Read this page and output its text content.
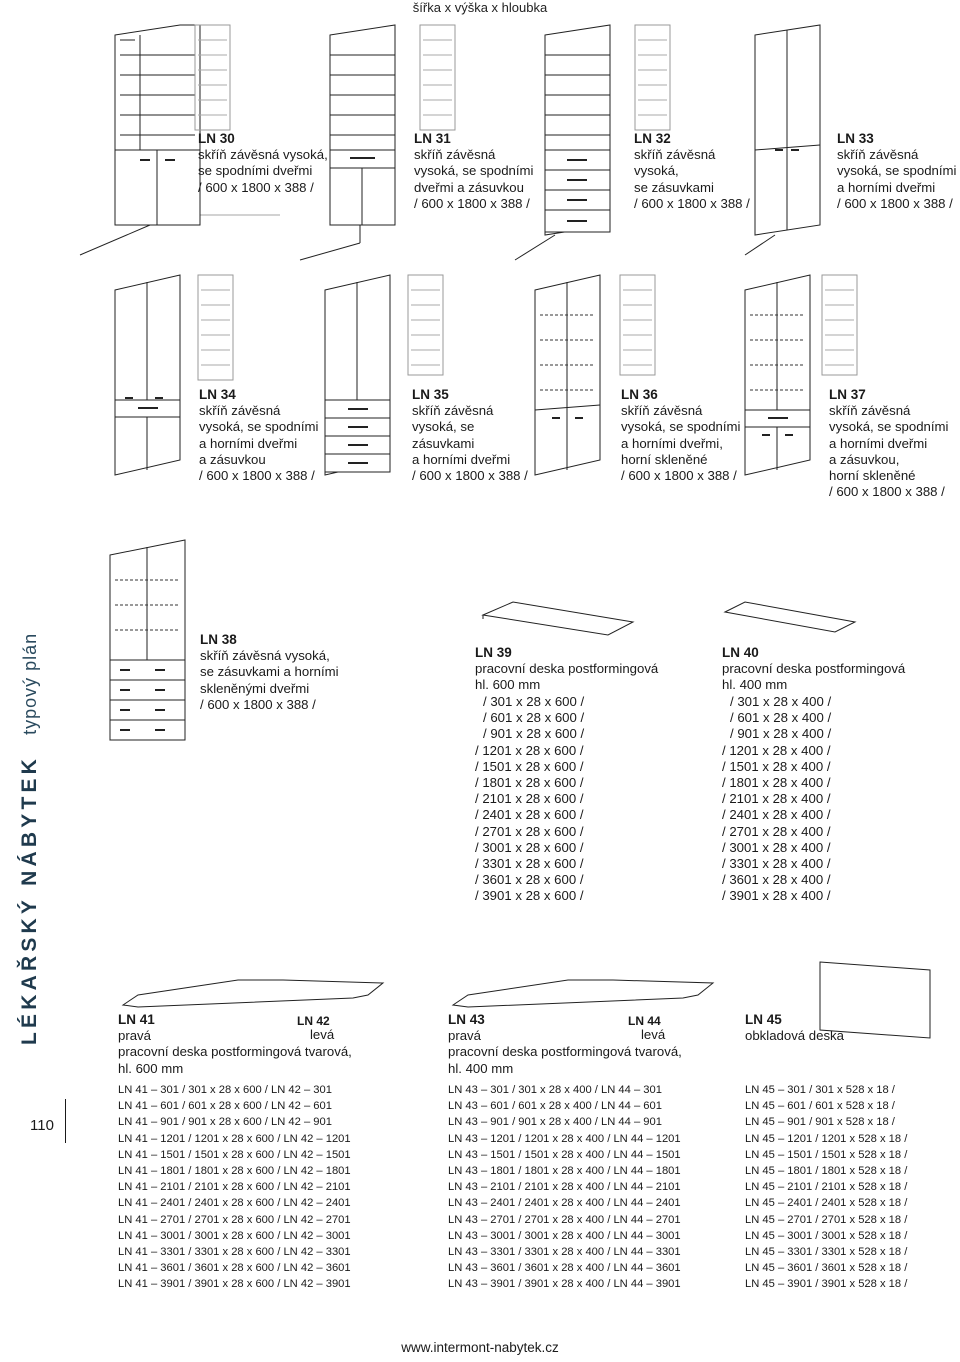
šířka x výška x hloubka
LÉKAŘSKÝ NÁBYTEK  typový plán
110
LN 30
skříň závěsná vysoká,
se spodními dveřmi
/ 600 x 1800 x 388 /
LN 31
skříň závěsná
vysoká, se spodními
dveřmi a zásuvkou
/ 600 x 1800 x 388 /
LN 32
skříň závěsná
vysoká,
se zásuvkami
/ 600 x 1800 x 388 /
LN 33
skříň závěsná
vysoká, se spodními
a horními dveřmi
/ 600 x 1800 x 388 /
LN 34
skříň závěsná
vysoká, se spodními
a horními dveřmi
a zásuvkou
/ 600 x 1800 x 388 /
LN 35
skříň závěsná
vysoká, se
zásuvkami
a horními dveřmi
/ 600 x 1800 x 388 /
LN 36
skříň závěsná
vysoká, se spodními
a horními dveřmi,
horní skleněné
/ 600 x 1800 x 388 /
LN 37
skříň závěsná
vysoká, se spodními
a horními dveřmi
a zásuvkou,
horní skleněné
/ 600 x 1800 x 388 /
LN 38
skříň závěsná vysoká,
se zásuvkami a horními
skleněnými dveřmi
/ 600 x 1800 x 388 /
LN 39
pracovní deska postformingová
hl. 600 mm
/ 301 x 28 x 600 /
/ 601 x 28 x 600 /
/ 901 x 28 x 600 /
/ 1201 x 28 x 600 /
/ 1501 x 28 x 600 /
/ 1801 x 28 x 600 /
/ 2101 x 28 x 600 /
/ 2401 x 28 x 600 /
/ 2701 x 28 x 600 /
/ 3001 x 28 x 600 /
/ 3301 x 28 x 600 /
/ 3601 x 28 x 600 /
/ 3901 x 28 x 600 /
LN 40
pracovní deska postformingová
hl. 400 mm
/ 301 x 28 x 400 /
/ 601 x 28 x 400 /
/ 901 x 28 x 400 /
/ 1201 x 28 x 400 /
/ 1501 x 28 x 400 /
/ 1801 x 28 x 400 /
/ 2101 x 28 x 400 /
/ 2401 x 28 x 400 /
/ 2701 x 28 x 400 /
/ 3001 x 28 x 400 /
/ 3301 x 28 x 400 /
/ 3601 x 28 x 400 /
/ 3901 x 28 x 400 /
LN 42
LN 41
pravá
pracovní deska postformingová tvarová,
hl. 600 mm
levá
LN 41 – 301 / 301 x 28 x 600 / LN 42 – 301
LN 41 – 601 / 601 x 28 x 600 / LN 42 – 601
LN 41 – 901 / 901 x 28 x 600 / LN 42 – 901
LN 41 – 1201 / 1201 x 28 x 600 / LN 42 – 1201
LN 41 – 1501 / 1501 x 28 x 600 / LN 42 – 1501
LN 41 – 1801 / 1801 x 28 x 600 / LN 42 – 1801
LN 41 – 2101 / 2101 x 28 x 600 / LN 42 – 2101
LN 41 – 2401 / 2401 x 28 x 600 / LN 42 – 2401
LN 41 – 2701 / 2701 x 28 x 600 / LN 42 – 2701
LN 41 – 3001 / 3001 x 28 x 600 / LN 42 – 3001
LN 41 – 3301 / 3301 x 28 x 600 / LN 42 – 3301
LN 41 – 3601 / 3601 x 28 x 600 / LN 42 – 3601
LN 41 – 3901 / 3901 x 28 x 600 / LN 42 – 3901
LN 44
LN 43
pravá
pracovní deska postformingová tvarová,
hl. 400 mm
levá
LN 43 – 301 / 301 x 28 x 400 / LN 44 – 301
LN 43 – 601 / 601 x 28 x 400 / LN 44 – 601
LN 43 – 901 / 901 x 28 x 400 / LN 44 – 901
LN 43 – 1201 / 1201 x 28 x 400 / LN 44 – 1201
LN 43 – 1501 / 1501 x 28 x 400 / LN 44 – 1501
LN 43 – 1801 / 1801 x 28 x 400 / LN 44 – 1801
LN 43 – 2101 / 2101 x 28 x 400 / LN 44 – 2101
LN 43 – 2401 / 2401 x 28 x 400 / LN 44 – 2401
LN 43 – 2701 / 2701 x 28 x 400 / LN 44 – 2701
LN 43 – 3001 / 3001 x 28 x 400 / LN 44 – 3001
LN 43 – 3301 / 3301 x 28 x 400 / LN 44 – 3301
LN 43 – 3601 / 3601 x 28 x 400 / LN 44 – 3601
LN 43 – 3901 / 3901 x 28 x 400 / LN 44 – 3901
LN 45
obkladová deska
LN 45 – 301 / 301 x 528 x 18 /
LN 45 – 601 / 601 x 528 x 18 /
LN 45 – 901 / 901 x 528 x 18 /
LN 45 – 1201 / 1201 x 528 x 18 /
LN 45 – 1501 / 1501 x 528 x 18 /
LN 45 – 1801 / 1801 x 528 x 18 /
LN 45 – 2101 / 2101 x 528 x 18 /
LN 45 – 2401 / 2401 x 528 x 18 /
LN 45 – 2701 / 2701 x 528 x 18 /
LN 45 – 3001 / 3001 x 528 x 18 /
LN 45 – 3301 / 3301 x 528 x 18 /
LN 45 – 3601 / 3601 x 528 x 18 /
LN 45 – 3901 / 3901 x 528 x 18 /
www.intermont-nabytek.cz
